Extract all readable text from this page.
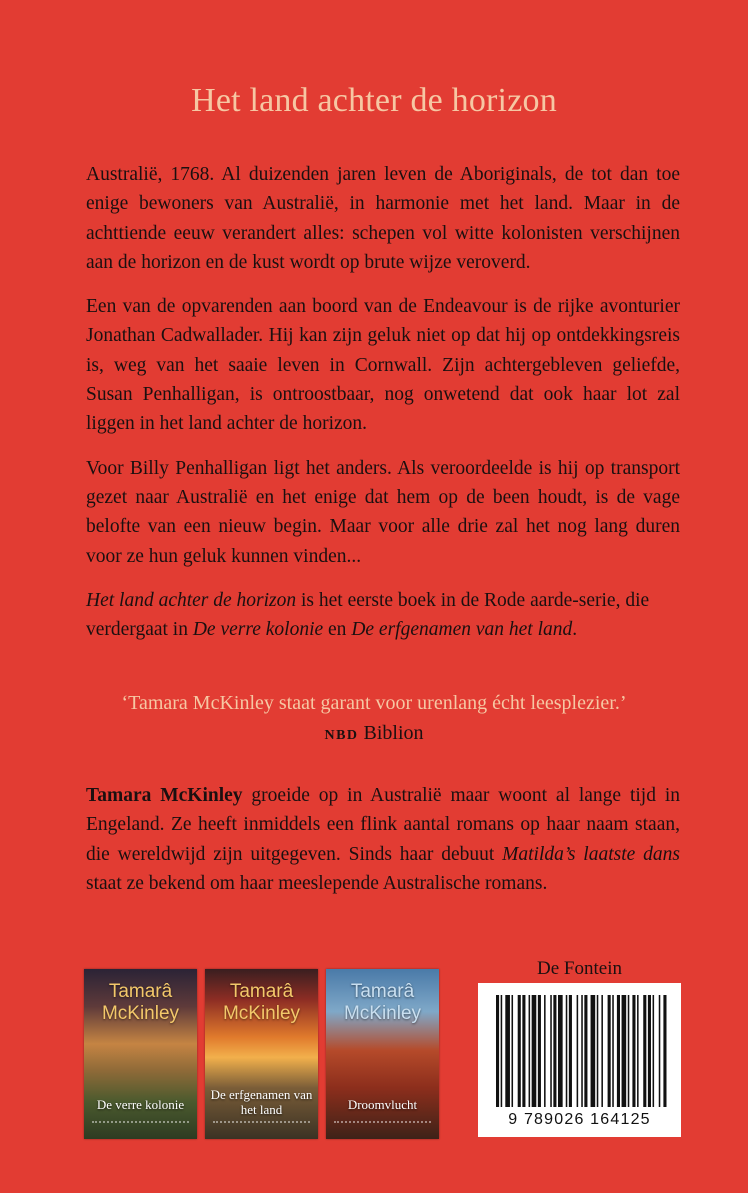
Het land achter de horizon

Australië, 1768. Al duizenden jaren leven de Aboriginals, de tot dan toe enige bewoners van Australië, in harmonie met het land. Maar in de achttiende eeuw verandert alles: schepen vol witte kolonisten verschijnen aan de horizon en de kust wordt op brute wijze veroverd.

Een van de opvarenden aan boord van de Endeavour is de rijke avonturier Jonathan Cadwallader. Hij kan zijn geluk niet op dat hij op ontdekkingsreis is, weg van het saaie leven in Cornwall. Zijn achtergebleven geliefde, Susan Penhalligan, is ontroostbaar, nog onwetend dat ook haar lot zal liggen in het land achter de horizon.

Voor Billy Penhalligan ligt het anders. Als veroordeelde is hij op transport gezet naar Australië en het enige dat hem op de been houdt, is de vage belofte van een nieuw begin. Maar voor alle drie zal het nog lang duren voor ze hun geluk kunnen vinden...

Het land achter de horizon is het eerste boek in de Rode aarde-serie, die verdergaat in De verre kolonie en De erfgenamen van het land.

‘Tamara McKinley staat garant voor urenlang écht leesplezier.’
NBD Biblion
Tamara McKinley groeide op in Australië maar woont al lange tijd in Engeland. Ze heeft inmiddels een flink aantal romans op haar naam staan, die wereldwijd zijn uitgegeven. Sinds haar debuut Matilda’s laatste dans staat ze bekend om haar meeslepende Australische romans.
Tamarâ McKinley
De verre kolonie
Tamarâ McKinley
De erfgenamen van het land
Tamarâ McKinley
Droomvlucht
De Fontein
9 789026 164125
